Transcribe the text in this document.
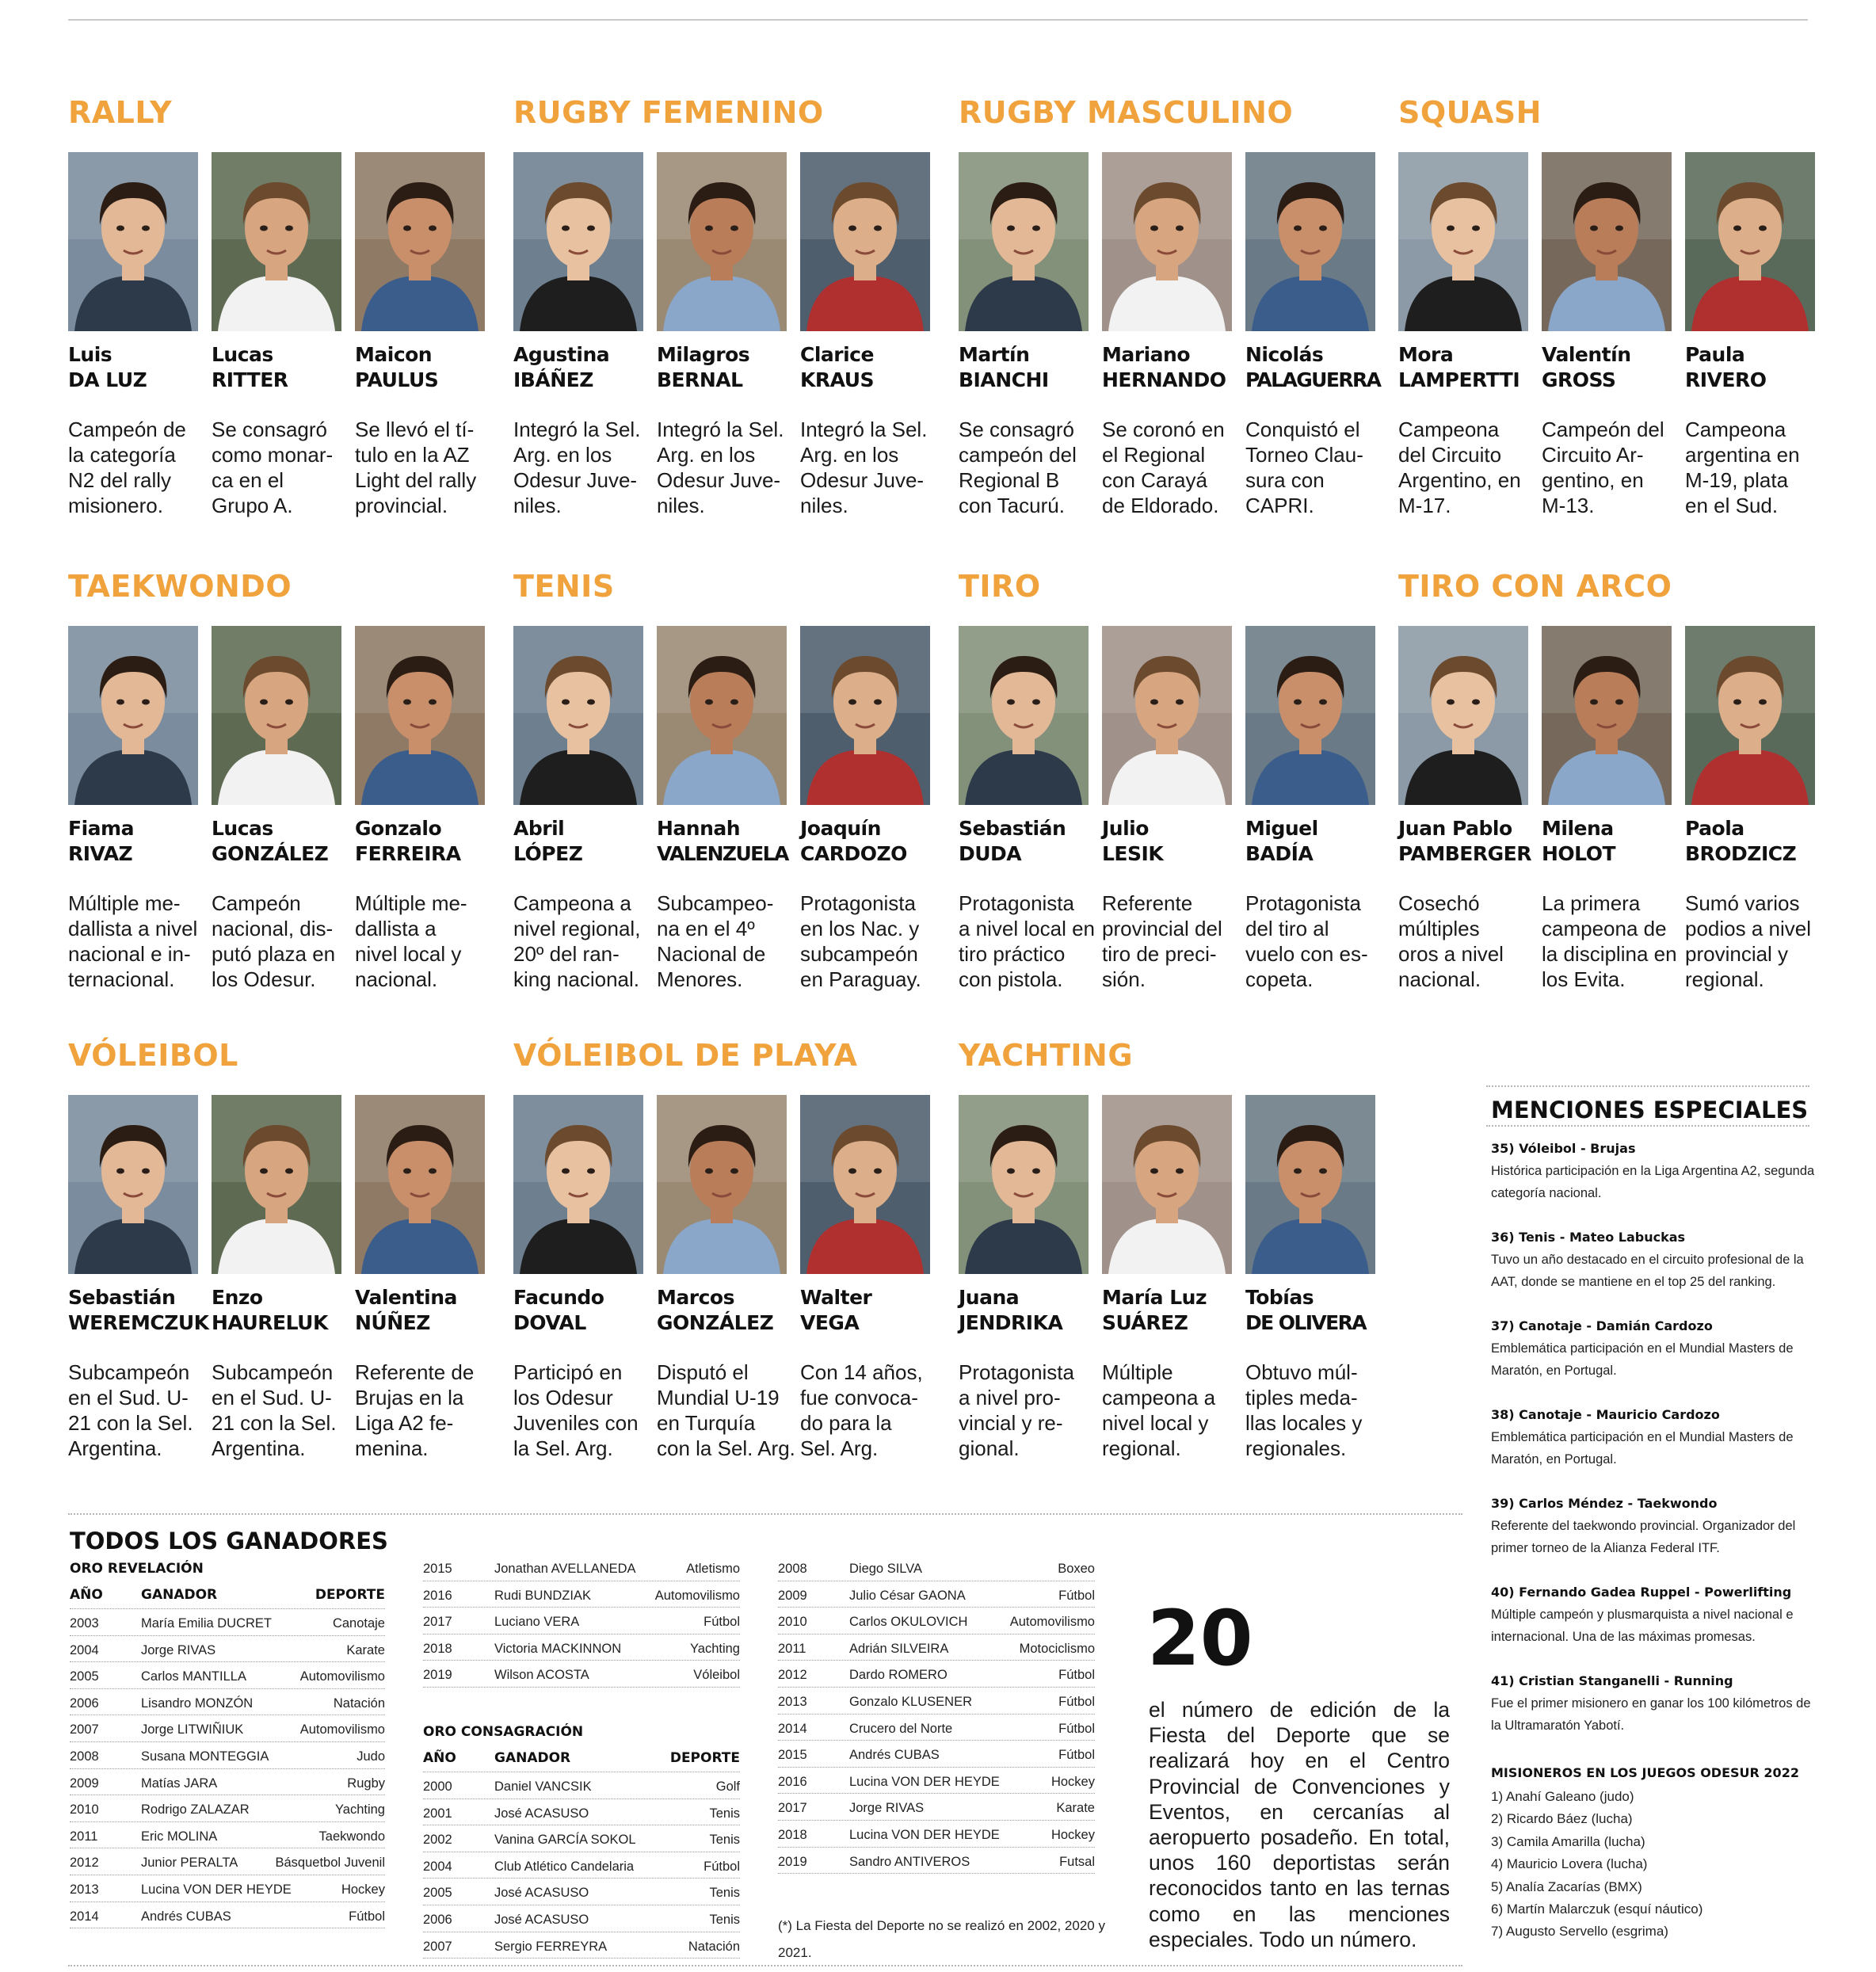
RALLY
Luis
DA LUZ
Campeón de
la categoría
N2 del rally
misionero.
Lucas
RITTER
Se consagró
como monar-
ca en el
Grupo A.
Maicon
PAULUS
Se llevó el tí-
tulo en la AZ
Light del rally
provincial.
RUGBY FEMENINO
Agustina
IBÁÑEZ
Integró la Sel.
Arg. en los
Odesur Juve-
niles.
Milagros
BERNAL
Integró la Sel.
Arg. en los
Odesur Juve-
niles.
Clarice
KRAUS
Integró la Sel.
Arg. en los
Odesur Juve-
niles.
RUGBY MASCULINO
Martín
BIANCHI
Se consagró
campeón del
Regional B
con Tacurú.
Mariano
HERNANDO
Se coronó en
el Regional
con Carayá
de Eldorado.
Nicolás
PALAGUERRA
Conquistó el
Torneo Clau-
sura con
CAPRI.
SQUASH
Mora
LAMPERTTI
Campeona
del Circuito
Argentino, en
M-17.
Valentín
GROSS
Campeón del
Circuito Ar-
gentino, en
M-13.
Paula
RIVERO
Campeona
argentina en
M-19, plata
en el Sud.
TAEKWONDO
Fiama
RIVAZ
Múltiple me-
dallista a nivel
nacional e in-
ternacional.
Lucas
GONZÁLEZ
Campeón
nacional, dis-
putó plaza en
los Odesur.
Gonzalo
FERREIRA
Múltiple me-
dallista a
nivel local y
nacional.
TENIS
Abril
LÓPEZ
Campeona a
nivel regional,
20º del ran-
king nacional.
Hannah
VALENZUELA
Subcampeo-
na en el 4º
Nacional de
Menores.
Joaquín
CARDOZO
Protagonista
en los Nac. y
subcampeón
en Paraguay.
TIRO
Sebastián
DUDA
Protagonista
a nivel local en
tiro práctico
con pistola.
Julio
LESIK
Referente
provincial del
tiro de preci-
sión.
Miguel
BADÍA
Protagonista
del tiro al
vuelo con es-
copeta.
TIRO CON ARCO
Juan Pablo
PAMBERGER
Cosechó
múltiples
oros a nivel
nacional.
Milena
HOLOT
La primera
campeona de
la disciplina en
los Evita.
Paola
BRODZICZ
Sumó varios
podios a nivel
provincial y
regional.
VÓLEIBOL
Sebastián
WEREMCZUK
Subcampeón
en el Sud. U-
21 con la Sel.
Argentina.
Enzo
HAURELUK
Subcampeón
en el Sud. U-
21 con la Sel.
Argentina.
Valentina
NÚÑEZ
Referente de
Brujas en la
Liga A2 fe-
menina.
VÓLEIBOL DE PLAYA
Facundo
DOVAL
Participó en
los Odesur
Juveniles con
la Sel. Arg.
Marcos
GONZÁLEZ
Disputó el
Mundial U-19
en Turquía
con la Sel. Arg.
Walter
VEGA
Con 14 años,
fue convoca-
do para la
Sel. Arg.
YACHTING
Juana
JENDRIKA
Protagonista
a nivel pro-
vincial y re-
gional.
María Luz
SUÁREZ
Múltiple
campeona a
nivel local y
regional.
Tobías
DE OLIVERA
Obtuvo múl-
tiples meda-
llas locales y
regionales.
MENCIONES ESPECIALES
35) Vóleibol - Brujas
Histórica participación en la Liga Argentina A2, segunda categoría nacional.
36) Tenis - Mateo Labuckas
Tuvo un año destacado en el circuito profesional de la AAT, donde se mantiene en el top 25 del ranking.
37) Canotaje - Damián Cardozo
Emblemática participación en el Mundial Masters de Maratón, en Portugal.
38) Canotaje - Mauricio Cardozo
Emblemática participación en el Mundial Masters de Maratón, en Portugal.
39) Carlos Méndez - Taekwondo
Referente del taekwondo provincial. Organizador del primer torneo de la Alianza Federal ITF.
40) Fernando Gadea Ruppel - Powerlifting
Múltiple campeón y plusmarquista a nivel nacional e internacional. Una de las máximas promesas.
41) Cristian Stanganelli - Running
Fue el primer misionero en ganar los 100 kilómetros de la Ultramaratón Yabotí.
MISIONEROS EN LOS JUEGOS ODESUR 2022
1) Anahí Galeano (judo)
2) Ricardo Báez (lucha)
3) Camila Amarilla (lucha)
4) Mauricio Lovera (lucha)
5) Analía Zacarías (BMX)
6) Martín Malarczuk (esquí náutico)
7) Augusto Servello (esgrima)
TODOS LOS GANADORES
ORO REVELACIÓN
AÑO	GANADOR	DEPORTE
2003	María Emilia DUCRET	Canotaje
2004	Jorge RIVAS	Karate
2005	Carlos MANTILLA	Automovilismo
2006	Lisandro MONZÓN	Natación
2007	Jorge LITWIÑIUK	Automovilismo
2008	Susana MONTEGGIA	Judo
2009	Matías JARA	Rugby
2010	Rodrigo ZALAZAR	Yachting
2011	Eric MOLINA	Taekwondo
2012	Junior PERALTA	Básquetbol Juvenil
2013	Lucina VON DER HEYDE	Hockey
2014	Andrés CUBAS	Fútbol
2015	Jonathan AVELLANEDA	Atletismo
2016	Rudi BUNDZIAK	Automovilismo
2017	Luciano VERA	Fútbol
2018	Victoria MACKINNON	Yachting
2019	Wilson ACOSTA	Vóleibol
ORO CONSAGRACIÓN
AÑO	GANADOR	DEPORTE
2000	Daniel VANCSIK	Golf
2001	José ACASUSO	Tenis
2002	Vanina GARCÍA SOKOL	Tenis
2004	Club Atlético Candelaria	Fútbol
2005	José ACASUSO	Tenis
2006	José ACASUSO	Tenis
2007	Sergio FERREYRA	Natación
2008	Diego SILVA	Boxeo
2009	Julio César GAONA	Fútbol
2010	Carlos OKULOVICH	Automovilismo
2011	Adrián SILVEIRA	Motociclismo
2012	Dardo ROMERO	Fútbol
2013	Gonzalo KLUSENER	Fútbol
2014	Crucero del Norte	Fútbol
2015	Andrés CUBAS	Fútbol
2016	Lucina VON DER HEYDE	Hockey
2017	Jorge RIVAS	Karate
2018	Lucina VON DER HEYDE	Hockey
2019	Sandro ANTIVEROS	Futsal
(*) La Fiesta del Deporte no se realizó en 2002, 2020 y 2021.
20
el número de edición de la Fiesta del Deporte que se realizará hoy en el Centro Provincial de Convenciones y Eventos, en cercanías al aeropuerto posadeño. En total, unos 160 deportistas serán reconocidos tanto en las ternas como en las menciones especiales. Todo un número.
